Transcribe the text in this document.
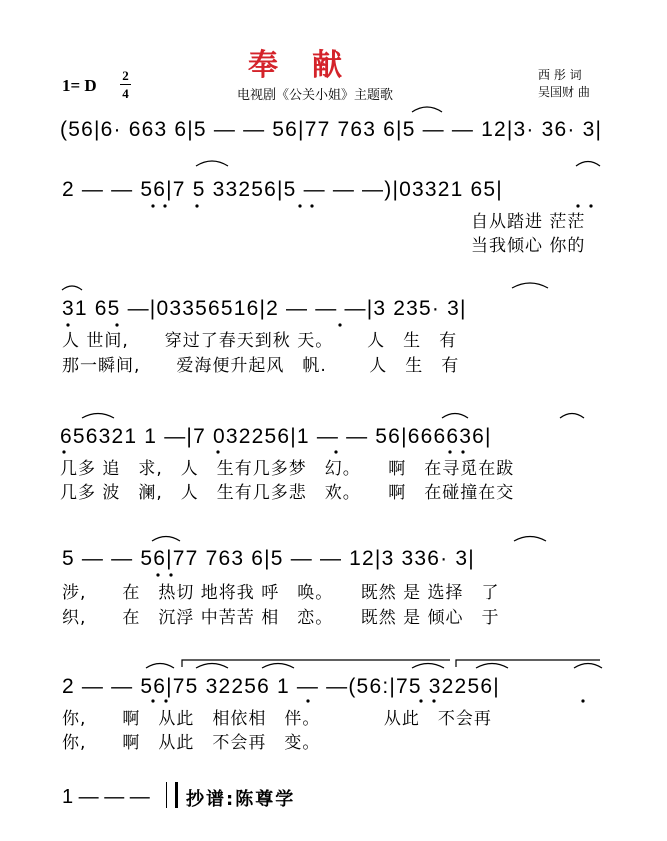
奉献
电视剧《公关小姐》主题歌
西 彤 词
吴国财 曲
1= D
2
4
(56|6· 663 6|5 — — 56|77 763 6|5 — — 12|3· 36· 3|
2 — — 56|7 5 33256|5 — — —)|03321 65|
自从踏进 茫茫
当我倾心 你的
31 65 —|03356516|2 — — —|3 235· 3|
人 世间,　　穿过了春天到秋 天。　　 人　生　有
那一瞬间,　　爱海便升起风　帆.　　 人　生　有
656321 1 —|7 032256|1 — — 56|666636|
几多 追　求,　人　生有几多梦　幻。　　啊　在寻觅在跋
几多 波　澜,　人　生有几多悲　欢。　　啊　在碰撞在交
5 — — 56|77 763 6|5 — — 12|3 336· 3|
涉,　　在　热切 地将我 呼　唤。　　既然 是 选择　了
织,　　在　沉浮 中苦苦 相　恋。　　既然 是 倾心　于
2 — — 56|75 32256 1 — —(56:|75 32256|
你,　　啊　从此　相依相　伴。　　　　从此　不会再
你,　　啊　从此　不会再　变。
1 — — — 抄谱:陈尊学
